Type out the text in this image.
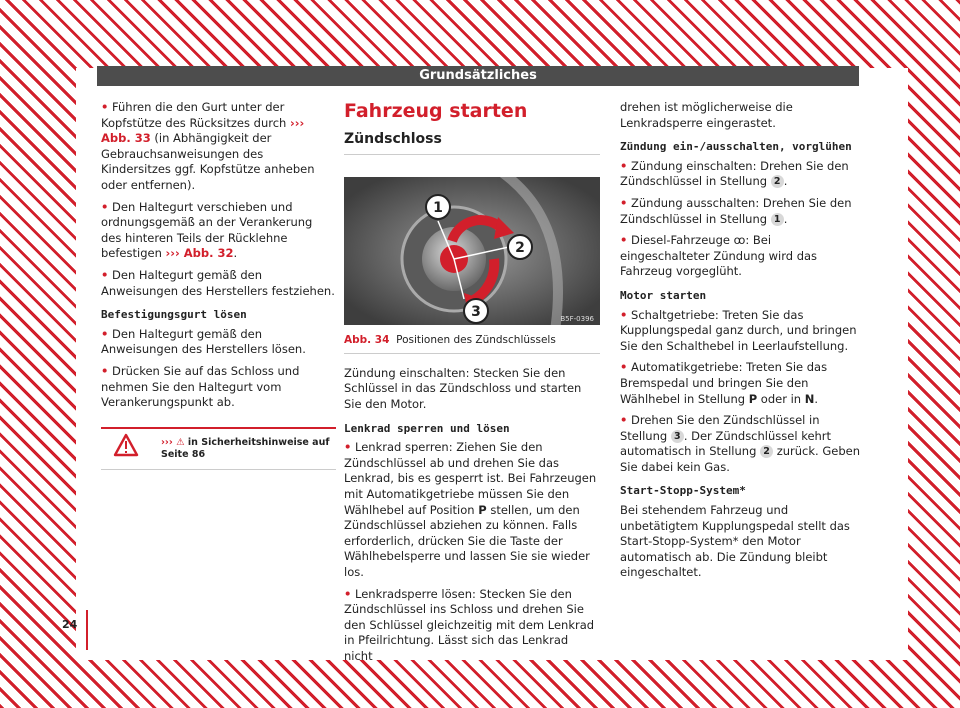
Grundsätzliches

• Führen die den Gurt unter der Kopfstütze des Rücksitzes durch ››› Abb. 33 (in Abhängigkeit der Gebrauchsanweisungen des Kindersitzes ggf. Kopfstütze anheben oder entfernen).

• Den Haltegurt verschieben und ordnungsgemäß an der Verankerung des hinteren Teils der Rücklehne befestigen ››› Abb. 32.

• Den Haltegurt gemäß den Anweisungen des Herstellers festziehen.

Befestigungsgurt lösen

• Den Haltegurt gemäß den Anweisungen des Herstellers lösen.

• Drücken Sie auf das Schloss und nehmen Sie den Haltegurt vom Verankerungspunkt ab.

››› ⚠ in Sicherheitshinweise auf
Seite 86
Fahrzeug starten
Zündschloss
1
2
3	B5F-0396
Abb. 34 Positionen des Zündschlüssels

Zündung einschalten: Stecken Sie den Schlüssel in das Zündschloss und starten Sie den Motor.

Lenkrad sperren und lösen

• Lenkrad sperren: Ziehen Sie den Zündschlüssel ab und drehen Sie das Lenkrad, bis es gesperrt ist. Bei Fahrzeugen mit Automatikgetriebe müssen Sie den Wählhebel auf Position P stellen, um den Zündschlüssel abziehen zu können. Falls erforderlich, drücken Sie die Taste der Wählhebelsperre und lassen Sie sie wieder los.

• Lenkradsperre lösen: Stecken Sie den Zündschlüssel ins Schloss und drehen Sie den Schlüssel gleichzeitig mit dem Lenkrad in Pfeilrichtung. Lässt sich das Lenkrad nicht

drehen ist möglicherweise die Lenkradsperre eingerastet.

Zündung ein-/ausschalten, vorglühen

• Zündung einschalten: Drehen Sie den Zündschlüssel in Stellung 2 .

• Zündung ausschalten: Drehen Sie den Zündschlüssel in Stellung 1 .

• Diesel-Fahrzeuge ꝏ: Bei eingeschalteter Zündung wird das Fahrzeug vorgeglüht.

Motor starten

• Schaltgetriebe: Treten Sie das Kupplungspedal ganz durch, und bringen Sie den Schalthebel in Leerlaufstellung.

• Automatikgetriebe: Treten Sie das Bremspedal und bringen Sie den Wählhebel in Stellung P oder in N.

• Drehen Sie den Zündschlüssel in Stellung 3 . Der Zündschlüssel kehrt automatisch in Stellung 2 zurück. Geben Sie dabei kein Gas.

Start-Stopp-System*

Bei stehendem Fahrzeug und unbetätigtem Kupplungspedal stellt das Start-Stopp-System* den Motor automatisch ab. Die Zündung bleibt eingeschaltet.

24
